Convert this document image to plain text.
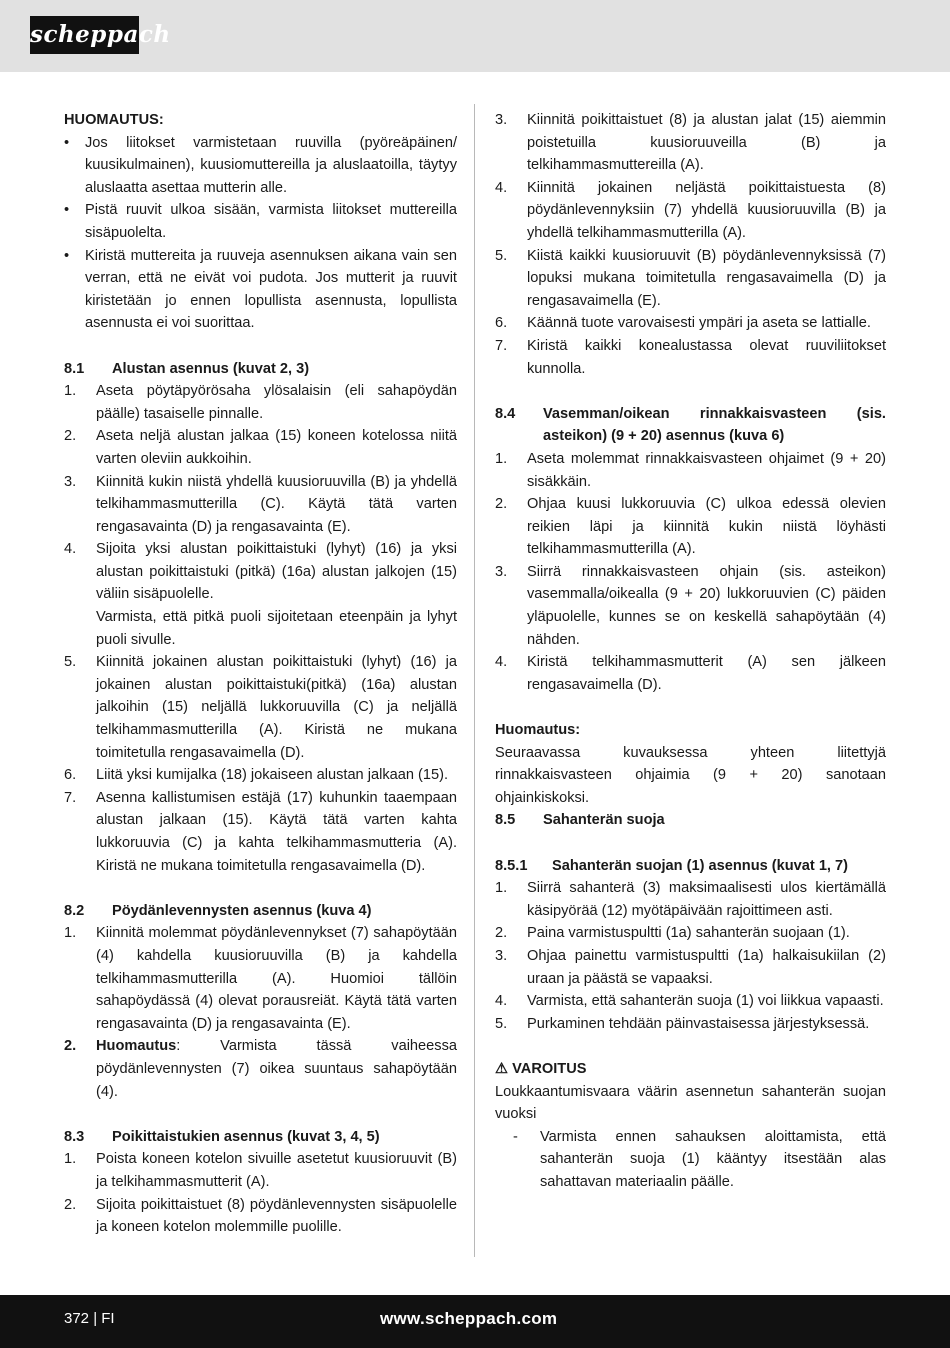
scheppach
HUOMAUTUS:
• Jos liitokset varmistetaan ruuvilla (pyöreäpäinen/ kuusikulmainen), kuusiomuttereilla ja aluslaatoilla, täytyy aluslaatta asettaa mutterin alle.
• Pistä ruuvit ulkoa sisään, varmista liitokset muttereilla sisäpuolelta.
• Kiristä muttereita ja ruuveja asennuksen aikana vain sen verran, että ne eivät voi pudota. Jos mutterit ja ruuvit kiristetään jo ennen lopullista asennusta, lopullista asennusta ei voi suorittaa.
8.1 Alustan asennus (kuvat 2, 3)
1. Aseta pöytäpyörösaha ylösalaisin (eli sahapöydän päälle) tasaiselle pinnalle.
2. Aseta neljä alustan jalkaa (15) koneen kotelossa niitä varten oleviin aukkoihin.
3. Kiinnitä kukin niistä yhdellä kuusioruuvilla (B) ja yhdellä telkihammasmutterilla (C). Käytä tätä varten rengasavainta (D) ja rengasavainta (E).
4. Sijoita yksi alustan poikittaistuki (lyhyt) (16) ja yksi alustan poikittaistuki (pitkä) (16a) alustan jalkojen (15) väliin sisäpuolelle.
Varmista, että pitkä puoli sijoitetaan eteenpäin ja lyhyt puoli sivulle.
5. Kiinnitä jokainen alustan poikittaistuki (lyhyt) (16) ja jokainen alustan poikittaistuki(pitkä) (16a) alustan jalkoihin (15) neljällä lukkoruuvilla (C) ja neljällä telkihammasmutterilla (A). Kiristä ne mukana toimitetulla rengasavaimella (D).
6. Liitä yksi kumijalka (18) jokaiseen alustan jalkaan (15).
7. Asenna kallistumisen estäjä (17) kuhunkin taaempaan alustan jalkaan (15). Käytä tätä varten kahta lukkoruuvia (C) ja kahta telkihammasmutteria (A). Kiristä ne mukana toimitetulla rengasavaimella (D).
8.2 Pöydänlevennysten asennus (kuva 4)
1. Kiinnitä molemmat pöydänlevennykset (7) sahapöytään (4) kahdella kuusioruuvilla (B) ja kahdella telkihammasmutterilla (A). Huomioi tällöin sahapöydässä (4) olevat porausreiät. Käytä tätä varten rengasavainta (D) ja rengasavainta (E).
2. Huomautus: Varmista tässä vaiheessa pöydänlevennysten (7) oikea suuntaus sahapöytään (4).
8.3 Poikittaistukien asennus (kuvat 3, 4, 5)
1. Poista koneen kotelon sivuille asetetut kuusioruuvit (B) ja telkihammasmutterit (A).
2. Sijoita poikittaistuet (8) pöydänlevennysten sisäpuolelle ja koneen kotelon molemmille puolille.
3. Kiinnitä poikittaistuet (8) ja alustan jalat (15) aiemmin poistetuilla kuusioruuveilla (B) ja telkihammasmuttereilla (A).
4. Kiinnitä jokainen neljästä poikittaistuesta (8) pöydänlevennyksiin (7) yhdellä kuusioruuvilla (B) ja yhdellä telkihammasmutterilla (A).
5. Kiistä kaikki kuusioruuvit (B) pöydänlevennyksissä (7) lopuksi mukana toimitetulla rengasavaimella (D) ja rengasavaimella (E).
6. Käännä tuote varovaisesti ympäri ja aseta se lattialle.
7. Kiristä kaikki konealustassa olevat ruuviliitokset kunnolla.
8.4 Vasemman/oikean rinnakkaisvasteen (sis. asteikon) (9 + 20) asennus (kuva 6)
1. Aseta molemmat rinnakkaisvasteen ohjaimet (9 + 20) sisäkkäin.
2. Ohjaa kuusi lukkoruuvia (C) ulkoa edessä olevien reikien läpi ja kiinnitä kukin niistä löyhästi telkihammasmutterilla (A).
3. Siirrä rinnakkaisvasteen ohjain (sis. asteikon) vasemmalla/oikealla (9 + 20) lukkoruuvien (C) päiden yläpuolelle, kunnes se on keskellä sahapöytään (4) nähden.
4. Kiristä telkihammasmutterit (A) sen jälkeen rengasavaimella (D).
Huomautus:
Seuraavassa kuvauksessa yhteen liitettyjä rinnakkaisvasteen ohjaimia (9 + 20) sanotaan ohjainkiskoksi.
8.5 Sahanterän suoja
8.5.1 Sahanterän suojan (1) asennus (kuvat 1, 7)
1. Siirrä sahanterä (3) maksimaalisesti ulos kiertämällä käsipyörää (12) myötäpäivään rajoittimeen asti.
2. Paina varmistuspultti (1a) sahanterän suojaan (1).
3. Ohjaa painettu varmistuspultti (1a) halkaisukiilan (2) uraan ja päästä se vapaaksi.
4. Varmista, että sahanterän suoja (1) voi liikkua vapaasti.
5. Purkaminen tehdään päinvastaisessa järjestyksessä.
⚠ VAROITUS
Loukkaantumisvaara väärin asennetun sahanterän suojan vuoksi
- Varmista ennen sahauksen aloittamista, että sahanterän suoja (1) kääntyy itsestään alas sahattavan materiaalin päälle.
372 | FI	www.scheppach.com
